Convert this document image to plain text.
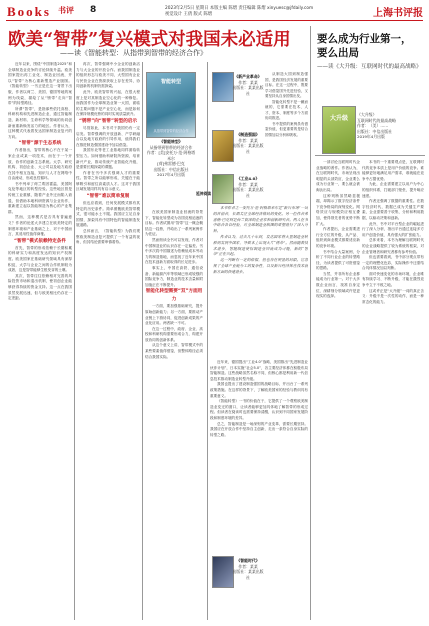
Books 书评 8	2023年2月5日 星期日 本版主编 陈熠 责任编辑 陈熠 xinyuesc@jfdaily.com
视觉设计 王倩 版式 陈熠	上海书评报
欧美“智带”复兴模式对我国未必适用
——读《智能转型：从指带到智带的经济合作》
要么成为行业第一，
要么出局
——读《大升级：互联网时代的最高战略》

近年以来，围绕“中国制造2025”和全球制造业竞争的讨论持续升温。欧美国家提出再工业化、制造业回流，并以“智带”为核心重新塑造产业版图。《智能转型》一书正是在这一背景下出版，作者以荷兰、美国、德国等地的案例为线索，描绘了从“锈带”走向“智带”的转型路径。

所谓“智带”，是指那些依托高校、科研机构和先进制造企业，通过智能制造、新材料、生命科学等领域的协同创新而重新焕发活力的地区。作者认为，这种模式代表着发达国家制造业复兴的方向。

“智带”源于生态系统

作者指出，智带的核心不在于某一家企业或某一项技术，而在于一个开放、协作的创新生态系统。大学、研究机构、初创企业、大公司以及地方政府在其中相互连接，知识与人才在网络中自由流动，形成良性循环。

书中列举了荷兰埃因霍温、美国阿克伦等地区的转型经验。这些地区曾是传统工业重镇，随着产业外迁而陷入衰退，但借助本地科研资源与企业协作，重新建立起以智能制造为核心的产业集群。

然而，这种模式是否具有普遍意义？作者的论述大多建立在欧美特定的制度环境和产业基础之上，对于中国而言，其适用性值得商榷。

“智带”模式依赖特定条件

首先，智带的形成依赖于长期积累的科研实力和高度发达的知识产权制度。欧美国家在基础研究领域具有深厚积淀，大学与企业之间的合作机制较为成熟，这是智带能够生根发芽的土壤。

其次，智带往往依赖相对完善的风险投资市场和退出机制，使初创企业能够获得持续的资金支持。这一点在我国虽然发展迅速，但与欧美相比仍存在一定差距。

再次，智带强调中小企业的创新活力与大企业的开放合作。而我国制造业的组织形态与欧美不同，大型国有企业与民营企业在资源获取上存在差异，协同创新的机制仍需探索。

此外，欧美智带的兴起，在很大程度上是对其制造业空心化的一种修复。而我国作为全球制造业第一大国，面临的主要问题不是产业空心化，而是如何在保持规模优势的同时实现质量跃升。

“锈带”向“智带”转型的启示

尽管如此，本书对于我国仍有一定启发。智带强调的开放创新、产学研融合以及地方政府的引导作用，值得我们在推进制造强国建设中加以借鉴。

我国东北等老工业基地同样面临转型压力。如何借助科研院所资源，培育新兴产业，推动传统产业智能化升级，是需要长期探索的课题。

作者在书中多次强调人才的重要性。智带之所以能够形成，关键在于能够吸引和留住高素质人才。这对于我国区域发展同样具有启示意义。

“智带”难以简单复制

但也应看到，任何发展模式都有其特定的历史条件。简单照搬欧美智带模式，很可能水土不服。我国应立足自身国情，探索具有中国特色的智能制造发展道路。

总体而言，《智能转型》为我们观察欧美制造业复兴提供了一个有益的视角，但其结论需要审慎看待。

在欧美国家制造业回流的背景下，智能化转型成为各国竞相追逐的目标。作者试图用“智带”这一概念概括这一趋势，并给出了一系列案例作为佐证。

然而细读全书可以发现，作者对中国制造业的认识存在一定偏差。书中多次将中国描述为依赖低成本劳动力的制造基地，而忽视了近年来中国在技术创新方面取得的长足进步。

事实上，中国在高铁、通信设备、新能源汽车等领域已形成较强的国际竞争力，制造业的技术含量和附加值正在不断提升。

智能化转型需要“双”方面用力

一方面，要加强基础研究，提升原始创新能力；另一方面，要推动产业链上下游协同，促进创新成果的产业化应用。两者缺一不可。

在这一过程中，政府、企业、高校和科研机构需要形成合力，构建开放协同的创新体系。

从这个意义上讲，智带模式中的某些要素值得借鉴，但整体路径必须结合我国实际。

近年来，德国提出“工业4.0”战略，美国推出“先进制造业伙伴计划”，日本实施“社会5.0”，各主要经济体都在积极布局智能制造。这些战略虽然名称不同，但核心都是利用新一代信息技术推动制造业转型升级。

我国也提出了建设制造强国的战略目标，并出台了一系列政策措施。在这样的背景下，了解欧美国家的经验与教训具有重要意义。

《智能转型》一书的价值在于，它提供了一个观察欧美制造业变迁的窗口，让读者能够更加具体地了解智带的形成过程。但读者在阅读时也需要保持清醒，认识到不同国家发展阶段和制度环境的差异。

总之，智能制造是一场深刻的产业变革，需要长期坚持。我国应在开放合作中坚持自主创新，走出一条符合自身实际的转型之路。

本书作者之一安托万·范·阿格塔米尔是“新兴市场”一词的首创者，长期关注全球经济格局的变化。另一位作者弗雷德·巴克则是荷兰资深的企业家和创新研究者。两人在书中结合各自经验，对全球制造业版图的重塑进行了深入分析。

作者认为，过去几十年间，发达国家将大量制造业转移到发展中国家，导致本土出现大片“锈带”。然而随着技术进步，智能制造使得制造业回流成为可能，新的“智带”正在兴起。

这一判断有一定的依据，但也存在明显的局限。它忽视了全球产业链分工的复杂性，以及新兴经济体在技术创新方面的快速进步。

从制造大国到制造强国，是我国经济发展的重要目标。在这一过程中，既要学习借鉴国外先进经验，又要坚持从自身国情出发。

智能化转型不是一蹴而就的，它需要在技术、人才、资本、制度等多个方面协同推进。

书中提供的案例虽有借鉴价值，但更重要的是结合国情加以分析和吸收。

一部讨论互联网时代企业战略的著作。作者认为，在互联网时代，市场呈现出明显的头部效应，企业要么成为行业第一，要么就会被淘汰出局。

这种判断虽然略显极端，却揭示了数字经济条件下竞争格局的深刻变化。网络效应与规模效应相互叠加，使得领先者的优势不断扩大。

作者提出，企业需要进行全方位的升级，从产品、组织到商业模式都要适应新的竞争环境。

书中结合大量案例，分析了不同行业企业的转型路径，为读者提供了可资借鉴的思路。

当然，并非所有企业都能成为行业第一。对于大多数企业而言，找准自身定位、深耕细分领域或许是更现实的选择。

本书的一个重要观点是，互联网时代的竞争本质上是用户价值的竞争。谁能够更好地满足用户需求，谁就能在竞争中占据优势。

为此，企业需要建立以用户为中心的组织体系，打破部门壁垒，提升响应速度。

作者还强调了数据的重要性。在数字经济时代，数据已成为关键生产要素，企业需要善于收集、分析和利用数据，以驱动决策和创新。

此外，书中对平台型企业的崛起进行了深入分析，指出平台通过连接多方用户创造价值，具有强大的扩张能力。

总体来看，本书为理解互联网时代的企业战略提供了较为系统的框架，对企业管理者和研究者都有参考价值。

但也需要看到，书中部分观点带有一定的理想化色彩，实际操作中还需结合具体情况加以判断。

面对快速变化的市场环境，企业唯有持续学习、不断升级，才能在激烈竞争中立于不败之地。

这或许正是“大升级”一词的真正含义：升级不是一次性的动作，而是一种常态化的能力。

智能转型
从指带到智带的经济合作
《智能转型》
从指带到智带的经济合作
作者：[美]安托万·范·阿格塔米尔
[荷]弗雷德·巴克
出版社：中信出版社
2017年4月出版
《新产业革命》
作者：某某
出版社：某某出版社
《制造强国》
作者：某某
出版社：某某出版社
《工业4.0》
作者：某某
出版社：某某出版社
《智能时代》
作者：某某
出版社：某某出版社
延伸阅读
大升级
《大升级》
互联网时代的最高战略
作者：（美）……
出版社：中信出版社
2019年4月出版
